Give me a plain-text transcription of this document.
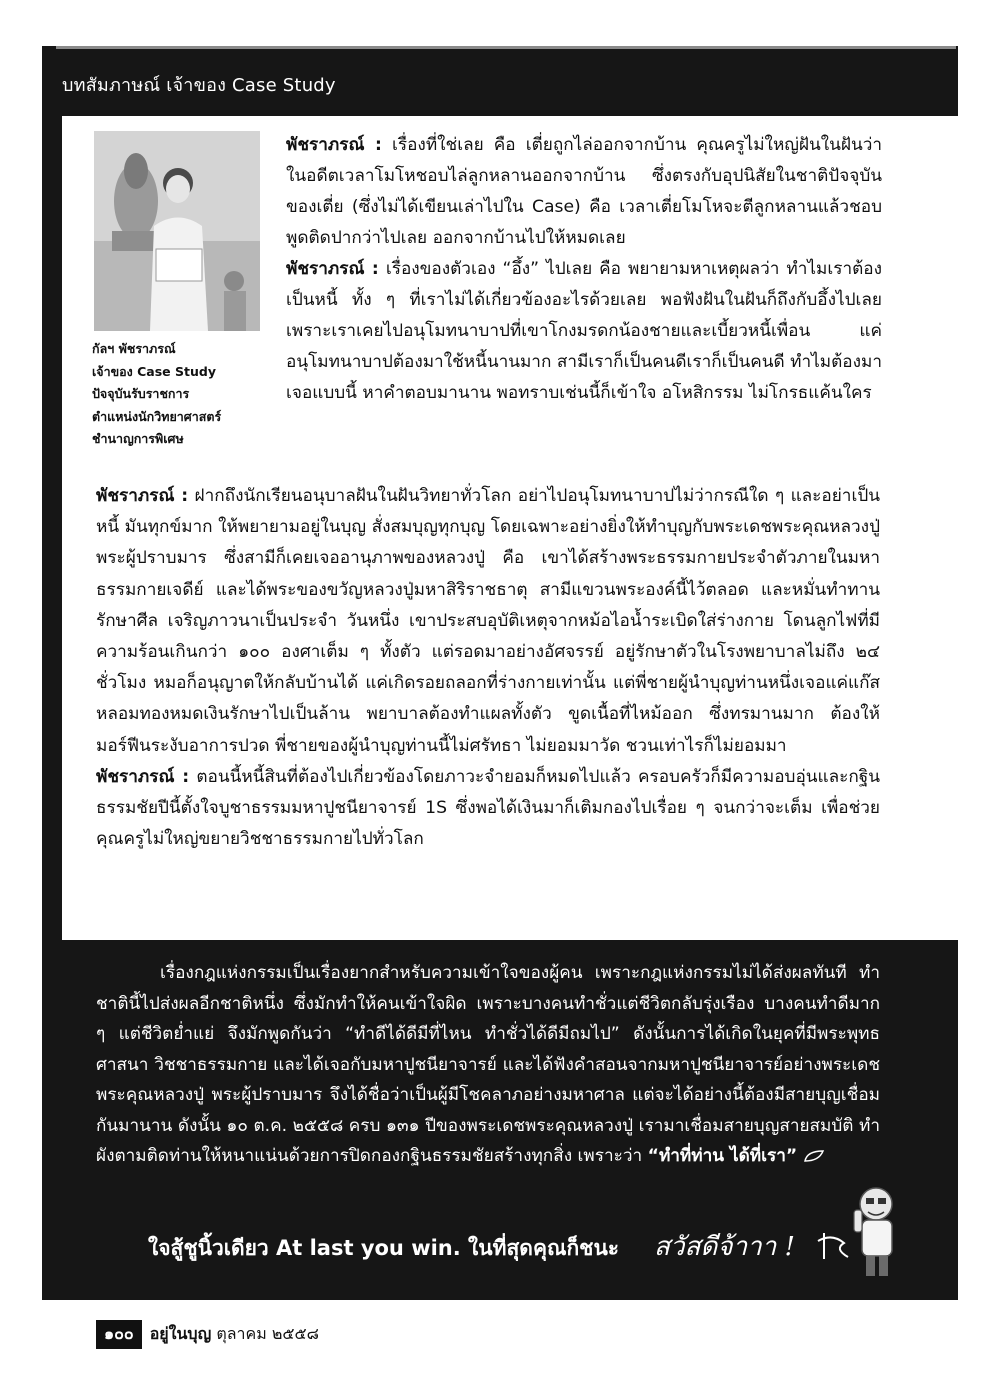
บทสัมภาษณ์ เจ้าของ Case Study
กัลฯ พัชราภรณ์
เจ้าของ Case Study
ปัจจุบันรับราชการ
ตำแหน่งนักวิทยาศาสตร์
ชำนาญการพิเศษ

พัชราภรณ์ : เรื่องที่ใช่เลย คือ เตี่ยถูกไล่ออกจากบ้าน คุณครูไม่ใหญ่ฝันในฝันว่า ในอดีตเวลาโมโหชอบไล่ลูกหลานออกจากบ้าน ซึ่งตรงกับอุปนิสัยในชาติปัจจุบันของเตี่ย (ซึ่งไม่ได้เขียนเล่าไปใน Case) คือ เวลาเตี่ยโมโหจะตีลูกหลานแล้วชอบพูดติดปากว่าไปเลย ออกจากบ้านไปให้หมดเลย

พัชราภรณ์ : เรื่องของตัวเอง “อึ้ง” ไปเลย คือ พยายามหาเหตุผลว่า ทำไมเราต้องเป็นหนี้ ทั้ง ๆ ที่เราไม่ได้เกี่ยวข้องอะไรด้วยเลย พอฟังฝันในฝันก็ถึงกับอึ้งไปเลย เพราะเราเคยไปอนุโมทนาบาปที่เขาโกงมรดกน้องชายและเบี้ยวหนี้เพื่อน แค่อนุโมทนาบาปต้องมาใช้หนี้นานมาก สามีเราก็เป็นคนดีเราก็เป็นคนดี ทำไมต้องมาเจอแบบนี้ หาคำตอบมานาน พอทราบเช่นนี้ก็เข้าใจ อโหสิกรรม ไม่โกรธแค้นใคร

พัชราภรณ์ : ฝากถึงนักเรียนอนุบาลฝันในฝันวิทยาทั่วโลก อย่าไปอนุโมทนาบาปไม่ว่ากรณีใด ๆ และอย่าเป็นหนี้ มันทุกข์มาก ให้พยายามอยู่ในบุญ สั่งสมบุญทุกบุญ โดยเฉพาะอย่างยิ่งให้ทำบุญกับพระเดชพระคุณหลวงปู่ พระผู้ปราบมาร ซึ่งสามีก็เคยเจออานุภาพของหลวงปู่ คือ เขาได้สร้างพระธรรมกายประจำตัวภายในมหาธรรมกายเจดีย์ และได้พระของขวัญหลวงปู่มหาสิริราชธาตุ สามีแขวนพระองค์นี้ไว้ตลอด และหมั่นทำทาน รักษาศีล เจริญภาวนาเป็นประจำ วันหนึ่ง เขาประสบอุบัติเหตุจากหม้อไอน้ำระเบิดใส่ร่างกาย โดนลูกไฟที่มีความร้อนเกินกว่า ๑๐๐ องศาเต็ม ๆ ทั้งตัว แต่รอดมาอย่างอัศจรรย์ อยู่รักษาตัวในโรงพยาบาลไม่ถึง ๒๔ ชั่วโมง หมอก็อนุญาตให้กลับบ้านได้ แค่เกิดรอยถลอกที่ร่างกายเท่านั้น แต่พี่ชายผู้นำบุญท่านหนึ่งเจอแค่แก๊สหลอมทองหมดเงินรักษาไปเป็นล้าน พยาบาลต้องทำแผลทั้งตัว ขูดเนื้อที่ไหม้ออก ซึ่งทรมานมาก ต้องให้มอร์ฟีนระงับอาการปวด พี่ชายของผู้นำบุญท่านนี้ไม่ศรัทธา ไม่ยอมมาวัด ชวนเท่าไรก็ไม่ยอมมา

พัชราภรณ์ : ตอนนี้หนี้สินที่ต้องไปเกี่ยวข้องโดยภาวะจำยอมก็หมดไปแล้ว ครอบครัวก็มีความอบอุ่นและกฐินธรรมชัยปีนี้ตั้งใจบูชาธรรมมหาปูชนียาจารย์ 1S ซึ่งพอได้เงินมาก็เติมกองไปเรื่อย ๆ จนกว่าจะเต็ม เพื่อช่วยคุณครูไม่ใหญ่ขยายวิชชาธรรมกายไปทั่วโลก

เรื่องกฎแห่งกรรมเป็นเรื่องยากสำหรับความเข้าใจของผู้คน เพราะกฎแห่งกรรมไม่ได้ส่งผลทันที ทำชาตินี้ไปส่งผลอีกชาติหนึ่ง ซึ่งมักทำให้คนเข้าใจผิด เพราะบางคนทำชั่วแต่ชีวิตกลับรุ่งเรือง บางคนทำดีมาก ๆ แต่ชีวิตย่ำแย่ จึงมักพูดกันว่า “ทำดีได้ดีมีที่ไหน ทำชั่วได้ดีมีถมไป” ดังนั้นการได้เกิดในยุคที่มีพระพุทธศาสนา วิชชาธรรมกาย และได้เจอกับมหาปูชนียาจารย์ และได้ฟังคำสอนจากมหาปูชนียาจารย์อย่างพระเดชพระคุณหลวงปู่ พระผู้ปราบมาร จึงได้ชื่อว่าเป็นผู้มีโชคลาภอย่างมหาศาล แต่จะได้อย่างนี้ต้องมีสายบุญเชื่อมกันมานาน ดังนั้น ๑๐ ต.ค. ๒๕๕๘ ครบ ๑๓๑ ปีของพระเดชพระคุณหลวงปู่ เรามาเชื่อมสายบุญสายสมบัติ ทำผังตามติดท่านให้หนาแน่นด้วยการปิดกองกฐินธรรมชัยสร้างทุกสิ่ง เพราะว่า “ทำที่ท่าน ได้ที่เรา”
ใจสู้ชูนิ้วเดียว At last you win. ในที่สุดคุณก็ชนะ สวัสดีจ้าาา !
๑๐๐ อยู่ในบุญ ตุลาคม ๒๕๕๘
